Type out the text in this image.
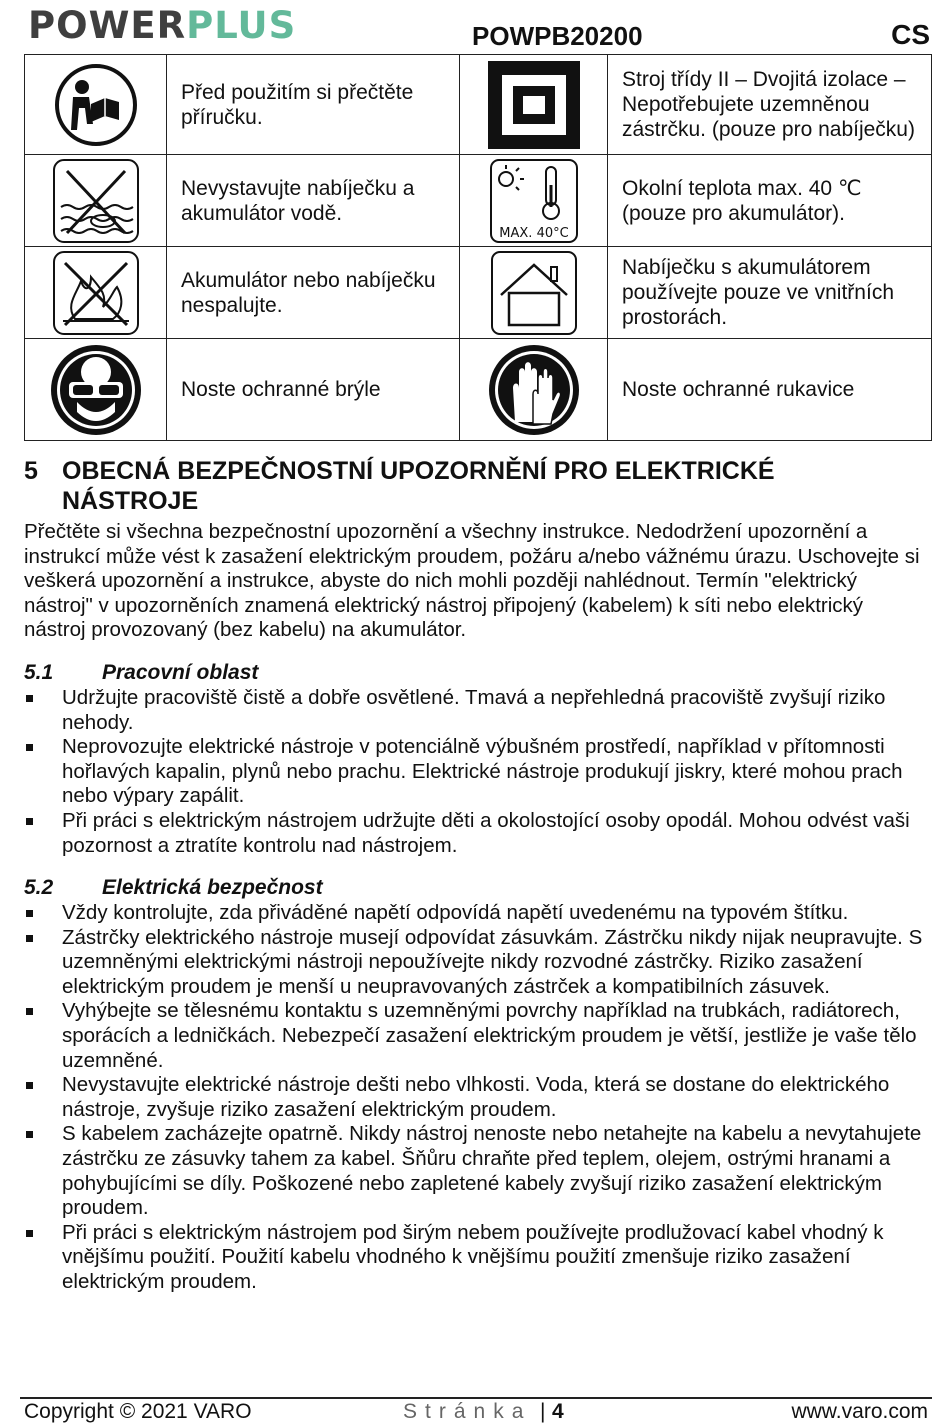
POWERPLUS	POWPB20200	CS
	Před použitím si přečtěte příručku.		Stroj třídy II – Dvojitá izolace – Nepotřebujete uzemněnou zástrčku. (pouze pro nabíječku)

	Nevystavujte nabíječku a akumulátor vodě.	MAX. 40°C	Okolní teplota max. 40 ℃ (pouze pro akumulátor).

	Akumulátor nebo nabíječku nespalujte.		Nabíječku s akumulátorem používejte pouze ve vnitřních prostorách.

	Noste ochranné brýle		Noste ochranné rukavice
5 OBECNÁ BEZPEČNOSTNÍ UPOZORNĚNÍ PRO ELEKTRICKÉ NÁSTROJE
Přečtěte si všechna bezpečnostní upozornění a všechny instrukce. Nedodržení upozornění a instrukcí může vést k zasažení elektrickým proudem, požáru a/nebo vážnému úrazu. Uschovejte si veškerá upozornění a instrukce, abyste do nich mohli později nahlédnout. Termín "elektrický nástroj" v upozorněních znamená elektrický nástroj připojený (kabelem) k síti nebo elektrický nástroj provozovaný (bez kabelu) na akumulátor.
5.1 Pracovní oblast
Udržujte pracoviště čistě a dobře osvětlené. Tmavá a nepřehledná pracoviště zvyšují riziko nehody.
Neprovozujte elektrické nástroje v potenciálně výbušném prostředí, například v přítomnosti hořlavých kapalin, plynů nebo prachu. Elektrické nástroje produkují jiskry, které mohou prach nebo výpary zapálit.
Při práci s elektrickým nástrojem udržujte děti a okolostojící osoby opodál. Mohou odvést vaši pozornost a ztratíte kontrolu nad nástrojem.
5.2 Elektrická bezpečnost
Vždy kontrolujte, zda přiváděné napětí odpovídá napětí uvedenému na typovém štítku.
Zástrčky elektrického nástroje musejí odpovídat zásuvkám. Zástrčku nikdy nijak neupravujte. S uzemněnými elektrickými nástroji nepoužívejte nikdy rozvodné zástrčky. Riziko zasažení elektrickým proudem je menší u neupravovaných zástrček a kompatibilních zásuvek.
Vyhýbejte se tělesnému kontaktu s uzemněnými povrchy například na trubkách, radiátorech, sporácích a ledničkách. Nebezpečí zasažení elektrickým proudem je větší, jestliže je vaše tělo uzemněné.
Nevystavujte elektrické nástroje dešti nebo vlhkosti. Voda, která se dostane do elektrického nástroje, zvyšuje riziko zasažení elektrickým proudem.
S kabelem zacházejte opatrně. Nikdy nástroj nenoste nebo netahejte na kabelu a nevytahujete zástrčku ze zásuvky tahem za kabel. Šňůru chraňte před teplem, olejem, ostrými hranami a pohybujícími se díly. Poškozené nebo zapletené kabely zvyšují riziko zasažení elektrickým proudem.
Při práci s elektrickým nástrojem pod širým nebem používejte prodlužovací kabel vhodný k vnějšímu použití. Použití kabelu vhodného k vnějšímu použití zmenšuje riziko zasažení elektrickým proudem.
Copyright © 2021 VARO	Stránka | 4	www.varo.com
